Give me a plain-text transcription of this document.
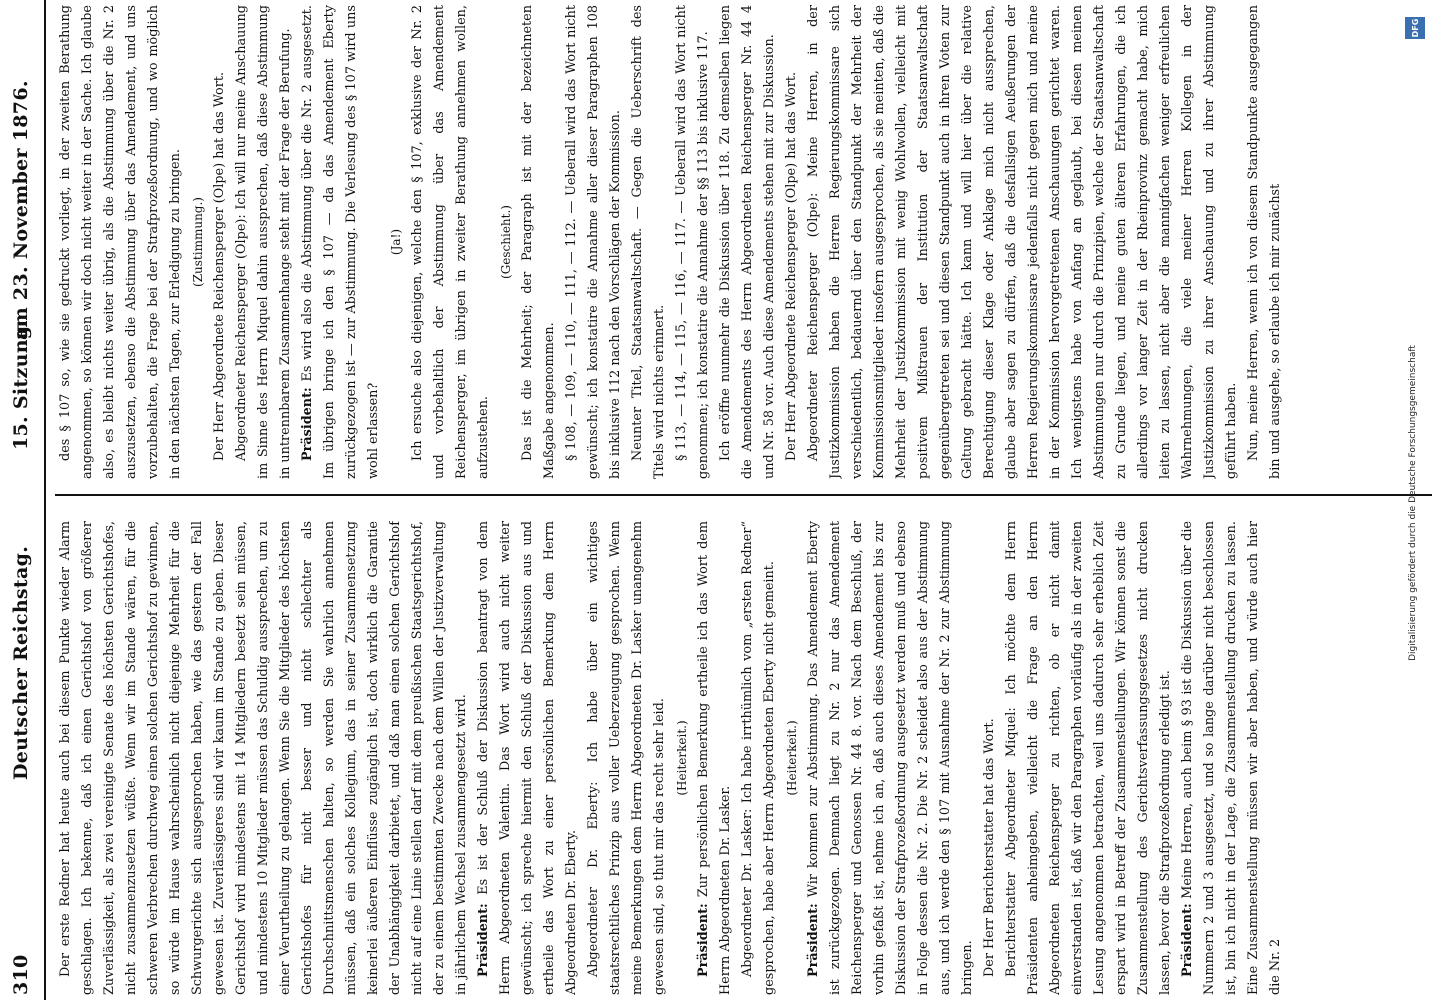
310
Deutscher Reichstag.
15. Sitzung
am 23. November 1876.

Der erste Redner hat heute auch bei diesem Punkte wieder Alarm geschlagen. Ich bekenne, daß ich einen Gerichtshof von größerer Zuverlässigkeit, als zwei vereinigte Senate des höchsten Gerichtshofes, nicht zusammenzusetzen wüßte. Wenn wir im Stande wären, für die schweren Verbrechen durchweg einen solchen Gerichtshof zu gewinnen, so würde im Hause wahrscheinlich nicht diejenige Mehrheit für die Schwurgerichte sich ausgesprochen haben, wie das gestern der Fall gewesen ist. Zuverlässigeres sind wir kaum im Stande zu geben. Dieser Gerichtshof wird mindestens mit 14 Mitgliedern besetzt sein müssen, und mindestens 10 Mitglieder müssen das Schuldig aussprechen, um zu einer Verurtheilung zu gelangen. Wenn Sie die Mitglieder des höchsten Gerichtshofes für nicht besser und nicht schlechter als Durchschnittsmenschen halten, so werden Sie wahrlich annehmen müssen, daß ein solches Kollegium, das in seiner Zusammensetzung keinerlei äußeren Einflüsse zugänglich ist, doch wirklich die Garantie der Unabhängigkeit darbietet, und daß man einen solchen Gerichtshof nicht auf eine Linie stellen darf mit dem preußischen Staatsgerichtshof, der zu einem bestimmten Zwecke nach dem Willen der Justizverwaltung in jährlichem Wechsel zusammengesetzt wird. Präsident: Es ist der Schluß der Diskussion beantragt von dem Herrn Abgeordneten Valentin. Das Wort wird auch nicht weiter gewünscht; ich spreche hiermit den Schluß der Diskussion aus und ertheile das Wort zu einer persönlichen Bemerkung dem Herrn Abgeordneten Dr. Eberty. Abgeordneter Dr. Eberty: Ich habe über ein wichtiges staatsrechtliches Prinzip aus voller Ueberzeugung gesprochen. Wenn meine Bemerkungen dem Herrn Abgeordneten Dr. Lasker unangenehm gewesen sind, so thut mir das recht sehr leid. (Heiterkeit.)

Präsident: Zur persönlichen Bemerkung ertheile ich das Wort dem Herrn Abgeordneten Dr. Lasker. Abgeordneter Dr. Lasker: Ich habe irrthümlich vom „ersten Redner“ gesprochen, habe aber Herrn Abgeordneten Eberty nicht gemeint. (Heiterkeit.)

Präsident: Wir kommen zur Abstimmung. Das Amendement Eberty ist zurückgezogen. Demnach liegt zu Nr. 2 nur das Amendement Reichensperger und Genossen Nr. 44 8. vor. Nach dem Beschluß, der vorhin gefaßt ist, nehme ich an, daß auch dieses Amendement bis zur Diskussion der Strafprozeßordnung ausgesetzt werden muß und ebenso in Folge dessen die Nr. 2. Die Nr. 2 scheidet also aus der Abstimmung aus, und ich werde den § 107 mit Ausnahme der Nr. 2 zur Abstimmung bringen. Der Herr Berichterstatter hat das Wort. Berichterstatter Abgeordneter Miquel: Ich möchte dem Herrn Präsidenten anheimgeben, vielleicht die Frage an den Herrn Abgeordneten Reichensperger zu richten, ob er nicht damit einverstanden ist, daß wir den Paragraphen vorläufig als in der zweiten Lesung angenommen betrachten, weil uns dadurch sehr erheblich Zeit erspart wird in Betreff der Zusammenstellungen. Wir können sonst die Zusammenstellung des Gerichtsverfassungsgesetzes nicht drucken lassen, bevor die Strafprozeßordnung erledigt ist. Präsident: Meine Herren, auch beim § 93 ist die Diskussion über die Nummern 2 und 3 ausgesetzt, und so lange darüber nicht beschlossen ist, bin ich nicht in der Lage, die Zusammenstellung drucken zu lassen. Eine Zusammenstellung müssen wir aber haben, und würde auch hier die Nr. 2

des § 107 so, wie sie gedruckt vorliegt, in der zweiten Berathung angenommen, so können wir doch nicht weiter in der Sache. Ich glaube also, es bleibt nichts weiter übrig, als die Abstimmung über die Nr. 2 auszusetzen, ebenso die Abstimmung über das Amendement, und uns vorzubehalten, die Frage bei der Strafprozeßordnung, und wo möglich in den nächsten Tagen, zur Erledigung zu bringen. (Zustimmung.) Der Herr Abgeordnete Reichensperger (Olpe) hat das Wort. Abgeordneter Reichensperger (Olpe): Ich will nur meine Anschauung im Sinne des Herrn Miquel dahin aussprechen, daß diese Abstimmung in untrennbarem Zusammenhange steht mit der Frage der Berufung. Präsident: Es wird also die Abstimmung über die Nr. 2 ausgesetzt. Im übrigen bringe ich den § 107 — da das Amendement Eberty zurückgezogen ist — zur Abstimmung. Die Verlesung des § 107 wird uns wohl erlassen?

(Ja!) Ich ersuche also diejenigen, welche den § 107, exklusive der Nr. 2 und vorbehaltlich der Abstimmung über das Amendement Reichensperger, im übrigen in zweiter Berathung annehmen wollen, aufzustehen.

(Geschieht.) Das ist die Mehrheit; der Paragraph ist mit der bezeichneten Maßgabe angenommen. § 108, — 109, — 110, — 111, — 112. — Ueberall wird das Wort nicht gewünscht; ich konstatire die Annahme aller dieser Paragraphen 108 bis inklusive 112 nach den Vorschlägen der Kommission. Neunter Titel, Staatsanwaltschaft. — Gegen die Ueberschrift des Titels wird nichts erinnert. § 113, — 114, — 115, — 116, — 117. — Ueberall wird das Wort nicht genommen; ich konstatire die Annahme der §§ 113 bis inklusive 117. Ich eröffne nunmehr die Diskussion über 118. Zu demselben liegen die Amendements des Herrn Abgeordneten Reichensperger Nr. 44 4 und Nr. 58 vor. Auch diese Amendements stehen mit zur Diskussion. Der Herr Abgeordnete Reichensperger (Olpe) hat das Wort. Abgeordneter Reichensperger (Olpe): Meine Herren, in der Justizkommission haben die Herren Regierungskommissare sich verschiedentlich, bedauernd über den Standpunkt der Mehrheit der Kommissionsmitglieder insofern ausgesprochen, als sie meinten, daß die Mehrheit der Justizkommission mit wenig Wohlwollen, vielleicht mit positivem Mißtrauen der Institution der Staatsanwaltschaft gegenübergetreten sei und diesen Standpunkt auch in ihren Voten zur Geltung gebracht hätte. Ich kann und will hier über die relative Berechtigung dieser Klage oder Anklage mich nicht aussprechen, glaube aber sagen zu dürfen, daß die desfallsigen Aeußerungen der Herren Regierungskommissare jedenfalls nicht gegen mich und meine in der Kommission hervorgetretenen Anschauungen gerichtet waren. Ich wenigstens habe von Anfang an geglaubt, bei diesen meinen Abstimmungen nur durch die Prinzipien, welche der Staatsanwaltschaft zu Grunde liegen, und meine guten älteren Erfahrungen, die ich allerdings vor langer Zeit in der Rheinprovinz gemacht habe, mich leiten zu lassen, nicht aber die mannigfachen weniger erfreulichen Wahrnehmungen, die viele meiner Herren Kollegen in der Justizkommission zu ihrer Anschauung und zu ihrer Abstimmung geführt haben. Nun, meine Herren, wenn ich von diesem Standpunkte ausgegangen bin und ausgehe, so erlaube ich mir zunächst

DFG
Digitalisierung gefördert durch die Deutsche Forschungsgemeinschaft
